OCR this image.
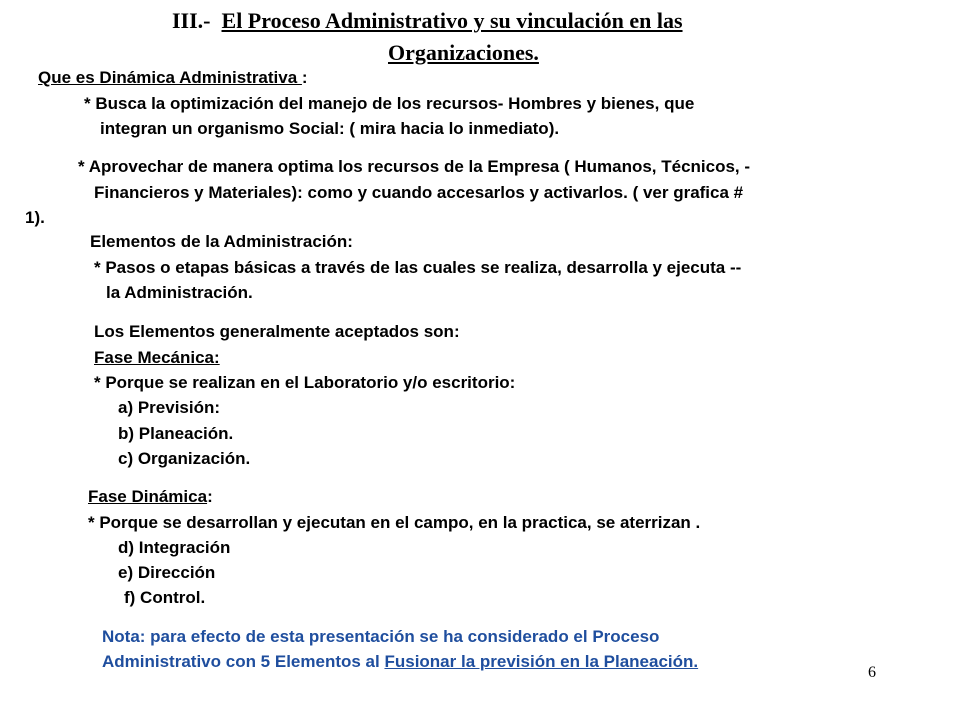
III.- El Proceso Administrativo y su vinculación en las
Organizaciones.
Que es Dinámica Administrativa :
* Busca la optimización del manejo de los recursos- Hombres y bienes, que
integran un organismo Social: ( mira hacia lo inmediato).
* Aprovechar de manera optima los recursos de la Empresa ( Humanos, Técnicos, -
Financieros y Materiales): como y cuando accesarlos y activarlos. ( ver grafica #
1).
Elementos de la Administración:
* Pasos o etapas básicas a través de las cuales se realiza, desarrolla y ejecuta --
la Administración.
Los Elementos generalmente aceptados son:
Fase Mecánica:
* Porque se realizan en el Laboratorio y/o escritorio:
a) Previsión:
b) Planeación.
c) Organización.
Fase Dinámica:
* Porque se desarrollan y ejecutan en el campo, en la practica, se aterrizan .
d) Integración
e) Dirección
f) Control.
Nota: para efecto de esta presentación se ha considerado el Proceso
Administrativo con 5 Elementos al Fusionar la previsión en la Planeación.
6
